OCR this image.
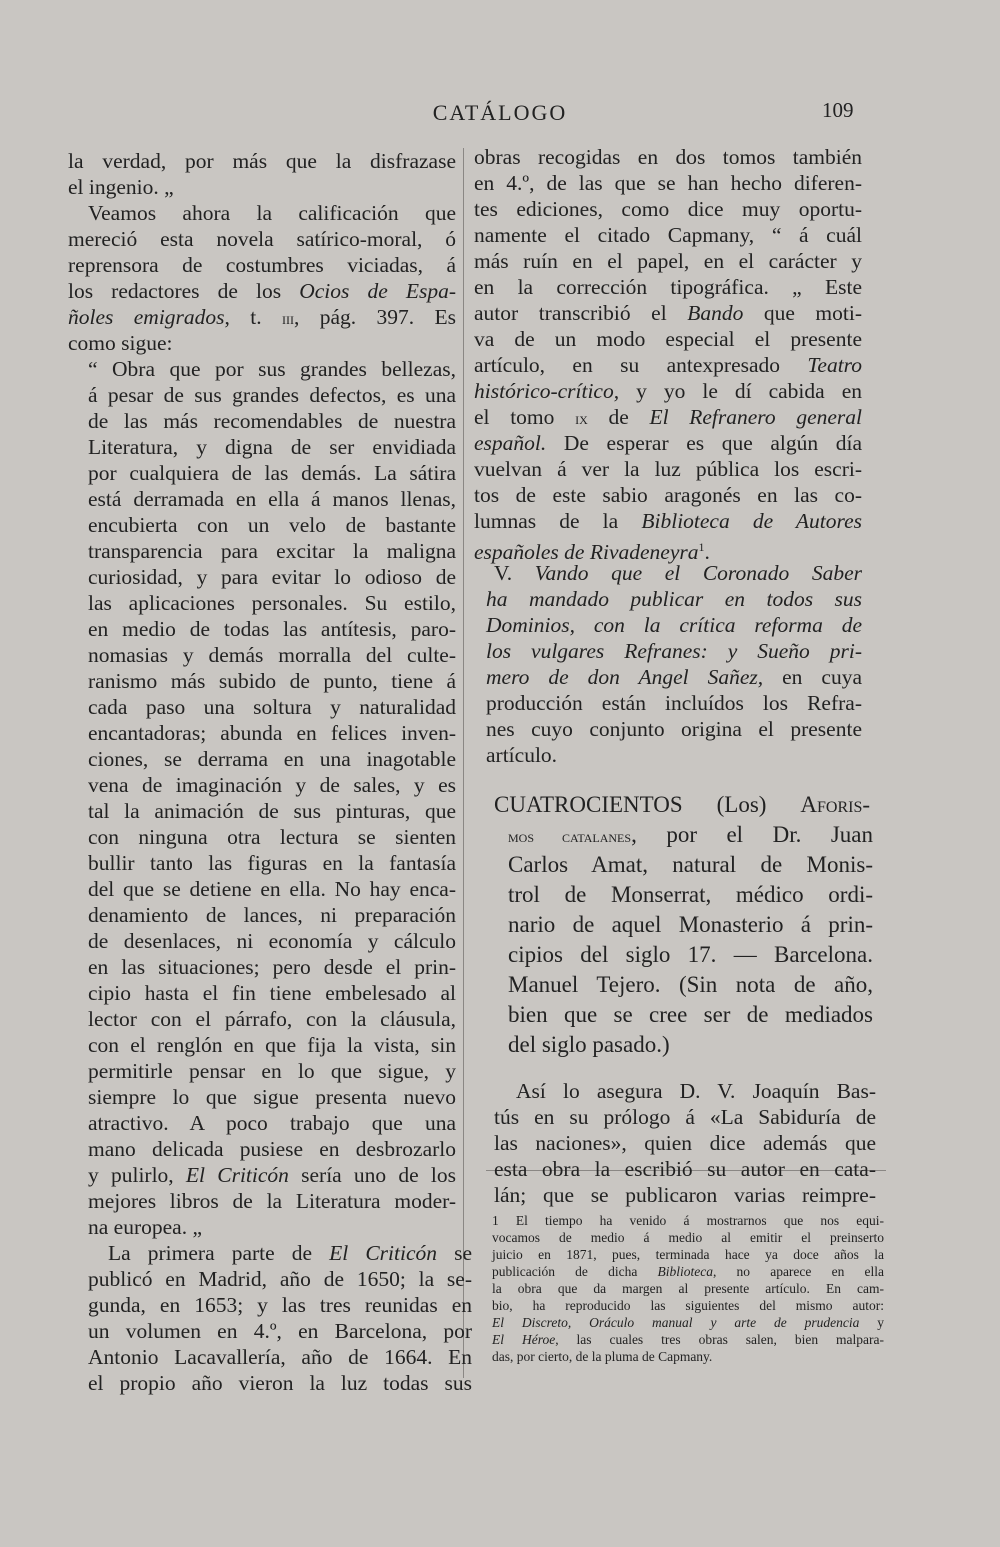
CATÁLOGO	109
la verdad, por más que la disfrazase
el ingenio. „
Veamos ahora la calificación que
mereció esta novela satírico-moral, ó
reprensora de costumbres viciadas, á
los redactores de los Ocios de Espa-
ñoles emigrados, t. iii, pág. 397. Es
como sigue:
“ Obra que por sus grandes bellezas,
á pesar de sus grandes defectos, es una
de las más recomendables de nuestra
Literatura, y digna de ser envidiada
por cualquiera de las demás. La sátira
está derramada en ella á manos llenas,
encubierta con un velo de bastante
transparencia para excitar la maligna
curiosidad, y para evitar lo odioso de
las aplicaciones personales. Su estilo,
en medio de todas las antítesis, paro-
nomasias y demás morralla del culte-
ranismo más subido de punto, tiene á
cada paso una soltura y naturalidad
encantadoras; abunda en felices inven-
ciones, se derrama en una inagotable
vena de imaginación y de sales, y es
tal la animación de sus pinturas, que
con ninguna otra lectura se sienten
bullir tanto las figuras en la fantasía
del que se detiene en ella. No hay enca-
denamiento de lances, ni preparación
de desenlaces, ni economía y cálculo
en las situaciones; pero desde el prin-
cipio hasta el fin tiene embelesado al
lector con el párrafo, con la cláusula,
con el renglón en que fija la vista, sin
permitirle pensar en lo que sigue, y
siempre lo que sigue presenta nuevo
atractivo. A poco trabajo que una
mano delicada pusiese en desbrozarlo
y pulirlo, El Criticón sería uno de los
mejores libros de la Literatura moder-
na europea. „
La primera parte de El Criticón se
publicó en Madrid, año de 1650; la se-
gunda, en 1653; y las tres reunidas en
un volumen en 4.º, en Barcelona, por
Antonio Lacavallería, año de 1664. En
el propio año vieron la luz todas sus
obras recogidas en dos tomos también
en 4.º, de las que se han hecho diferen-
tes ediciones, como dice muy oportu-
namente el citado Capmany, “ á cuál
más ruín en el papel, en el carácter y
en la corrección tipográfica. „ Este
autor transcribió el Bando que moti-
va de un modo especial el presente
artículo, en su antexpresado Teatro
histórico-crítico, y yo le dí cabida en
el tomo ix de El Refranero general
español. De esperar es que algún día
vuelvan á ver la luz pública los escri-
tos de este sabio aragonés en las co-
lumnas de la Biblioteca de Autores
españoles de Rivadeneyra$^1$.
V. Vando que el Coronado Saber
ha mandado publicar en todos sus
Dominios, con la crítica reforma de
los vulgares Refranes: y Sueño pri-
mero de don Angel Sañez, en cuya
producción están incluídos los Refra-
nes cuyo conjunto origina el presente
artículo.
CUATROCIENTOS (Los) Aforis-
mos catalanes, por el Dr. Juan
Carlos Amat, natural de Monis-
trol de Monserrat, médico ordi-
nario de aquel Monasterio á prin-
cipios del siglo 17. — Barcelona.
Manuel Tejero. (Sin nota de año,
bien que se cree ser de mediados
del siglo pasado.)
Así lo asegura D. V. Joaquín Bas-
tús en su prólogo á «La Sabiduría de
las naciones», quien dice además que
esta obra la escribió su autor en cata-
lán; que se publicaron varias reimpre-
1 El tiempo ha venido á mostrarnos que nos equi-
vocamos de medio á medio al emitir el preinserto
juicio en 1871, pues, terminada hace ya doce años la
publicación de dicha Biblioteca, no aparece en ella
la obra que da margen al presente artículo. En cam-
bio, ha reproducido las siguientes del mismo autor:
El Discreto, Oráculo manual y arte de prudencia y
El Héroe, las cuales tres obras salen, bien malpara-
das, por cierto, de la pluma de Capmany.
